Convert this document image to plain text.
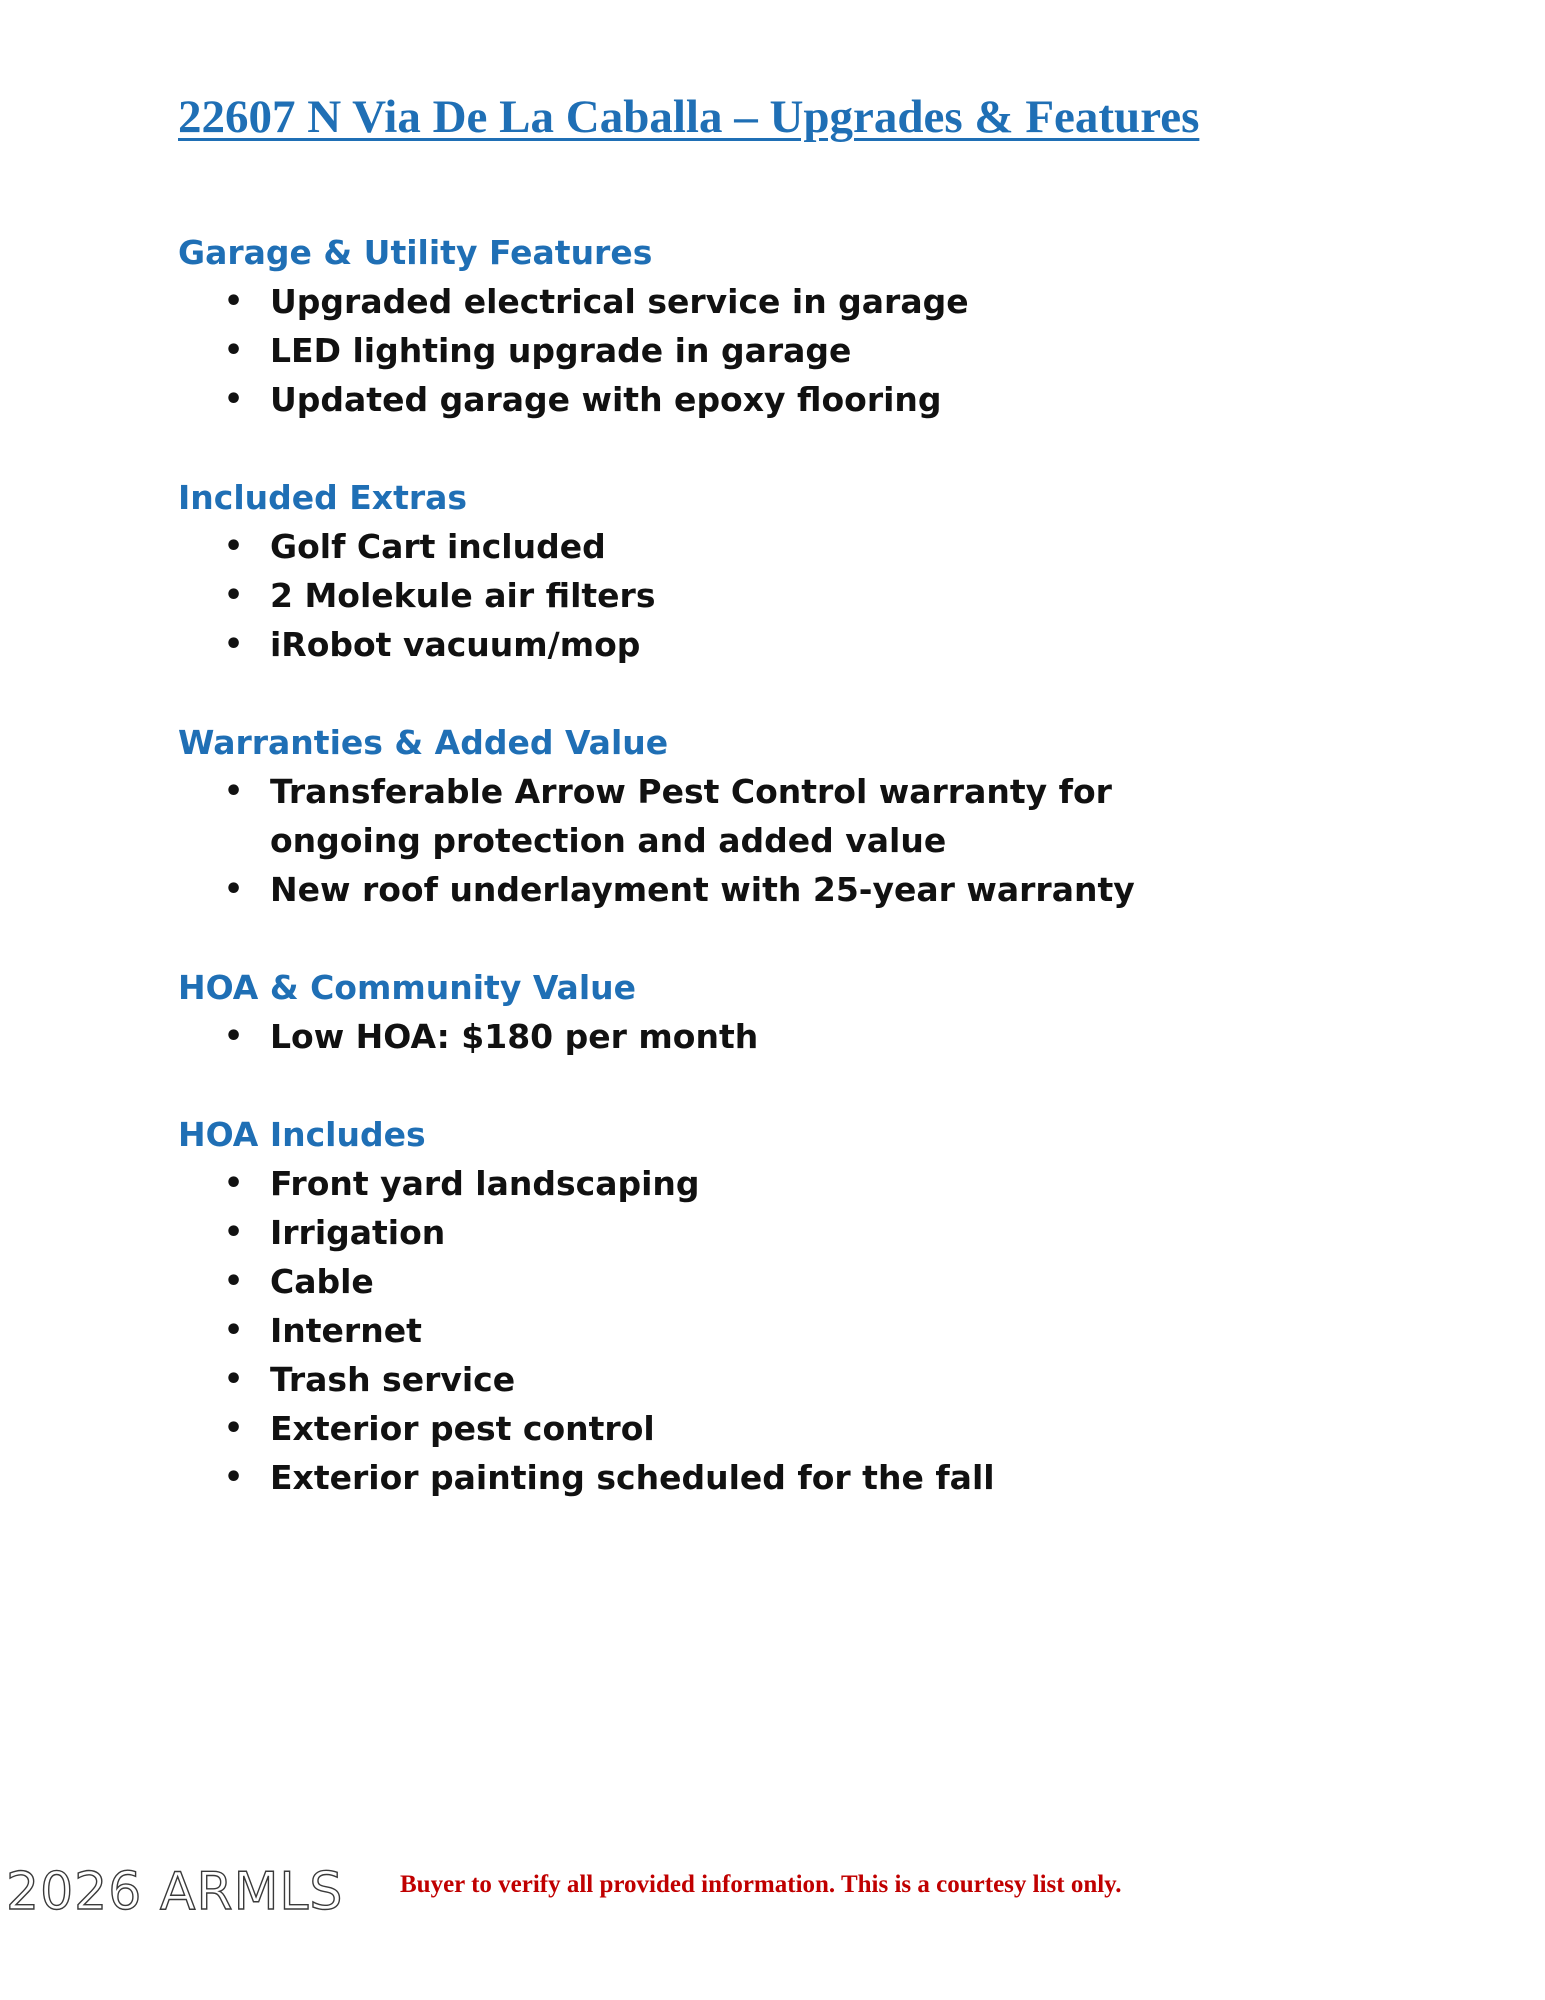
22607 N Via De La Caballa – Upgrades & Features
Garage & Utility Features
• Upgraded electrical service in garage
• LED lighting upgrade in garage
• Updated garage with epoxy flooring
Included Extras
• Golf Cart included
• 2 Molekule air filters
• iRobot vacuum/mop
Warranties & Added Value
• Transferable Arrow Pest Control warranty for ongoing protection and added value
• New roof underlayment with 25-year warranty
HOA & Community Value
• Low HOA: $180 per month
HOA Includes
• Front yard landscaping
• Irrigation
• Cable
• Internet
• Trash service
• Exterior pest control
• Exterior painting scheduled for the fall
2026 ARMLS Buyer to verify all provided information. This is a courtesy list only.
